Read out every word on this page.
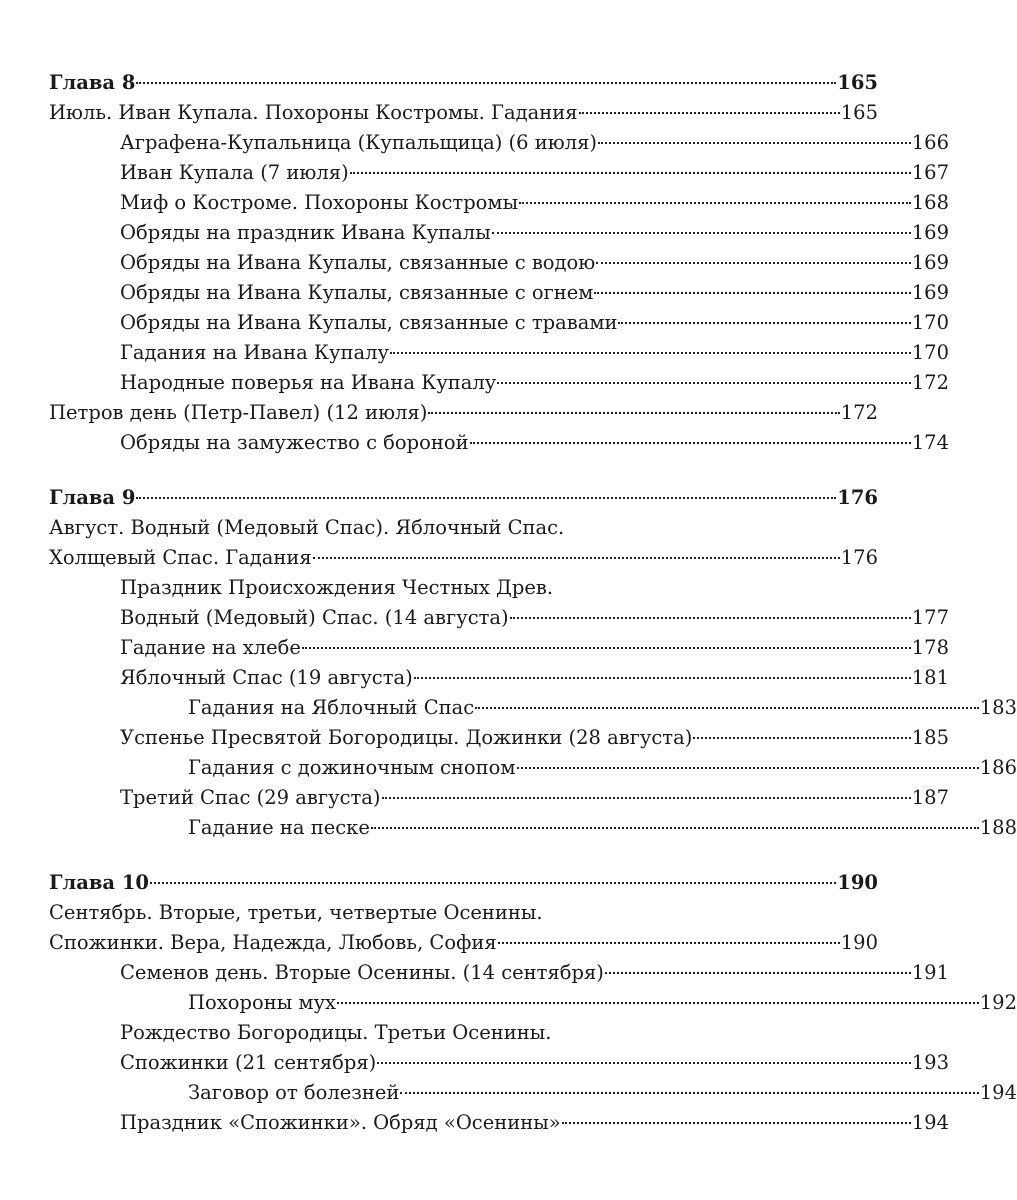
Глава 8	165
Июль. Иван Купала. Похороны Костромы. Гадания	165
Аграфена-Купальница (Купальщица) (6 июля)	166
Иван Купала (7 июля)	167
Миф о Костроме. Похороны Костромы	168
Обряды на праздник Ивана Купалы	169
Обряды на Ивана Купалы, связанные с водою	169
Обряды на Ивана Купалы, связанные с огнем	169
Обряды на Ивана Купалы, связанные с травами	170
Гадания на Ивана Купалу	170
Народные поверья на Ивана Купалу	172
Петров день (Петр-Павел) (12 июля)	172
Обряды на замужество с бороной	174
Глава 9	176
Август. Водный (Медовый Спас). Яблочный Спас.
Холщевый Спас. Гадания	176
Праздник Происхождения Честных Древ.
Водный (Медовый) Спас. (14 августа)	177
Гадание на хлебе	178
Яблочный Спас (19 августа)	181
Гадания на Яблочный Спас	183
Успенье Пресвятой Богородицы. Дожинки (28 августа)	185
Гадания с дожиночным снопом	186
Третий Спас (29 августа)	187
Гадание на песке	188
Глава 10	190
Сентябрь. Вторые, третьи, четвертые Осенины.
Спожинки. Вера, Надежда, Любовь, София	190
Семенов день. Вторые Осенины. (14 сентября)	191
Похороны мух	192
Рождество Богородицы. Третьи Осенины.
Спожинки (21 сентября)	193
Заговор от болезней	194
Праздник «Спожинки». Обряд «Осенины»	194
